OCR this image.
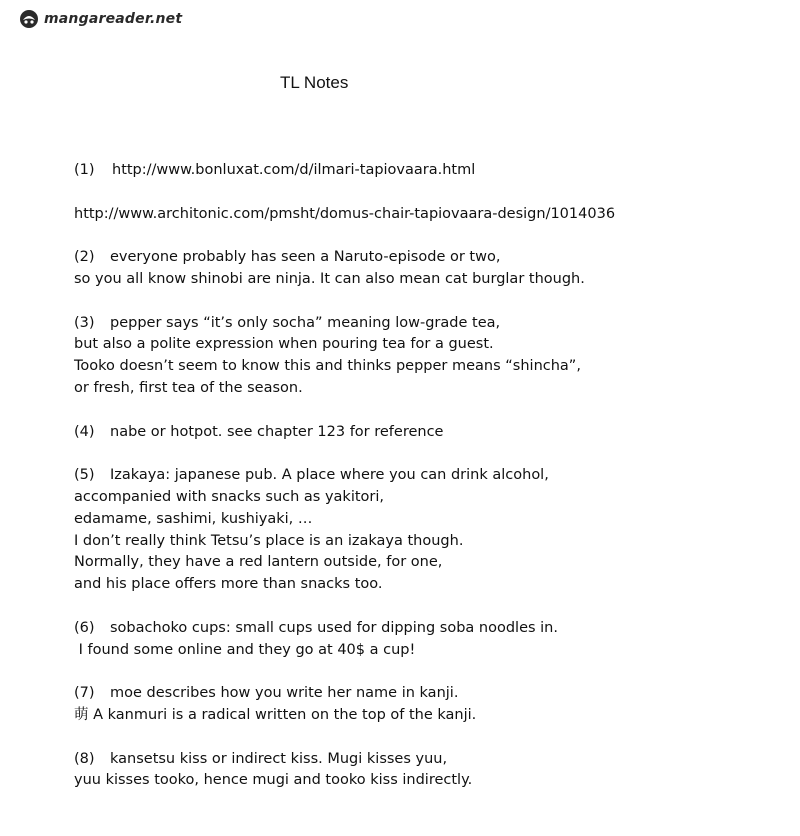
mangareader.net
TL Notes
(1) http://www.bonluxat.com/d/ilmari-tapiovaara.html
http://www.architonic.com/pmsht/domus-chair-tapiovaara-design/1014036
(2) everyone probably has seen a Naruto-episode or two,
so you all know shinobi are ninja. It can also mean cat burglar though.
(3) pepper says “it’s only socha” meaning low-grade tea,
but also a polite expression when pouring tea for a guest.
Tooko doesn’t seem to know this and thinks pepper means “shincha”,
or fresh, first tea of the season.
(4) nabe or hotpot. see chapter 123 for reference
(5) Izakaya: japanese pub. A place where you can drink alcohol,
accompanied with snacks such as yakitori,
edamame, sashimi, kushiyaki, …
I don’t really think Tetsu’s place is an izakaya though.
Normally, they have a red lantern outside, for one,
and his place offers more than snacks too.
(6) sobachoko cups: small cups used for dipping soba noodles in.
I found some online and they go at 40$ a cup!
(7) moe describes how you write her name in kanji.
萌 A kanmuri is a radical written on the top of the kanji.
(8) kansetsu kiss or indirect kiss. Mugi kisses yuu,
yuu kisses tooko, hence mugi and tooko kiss indirectly.
